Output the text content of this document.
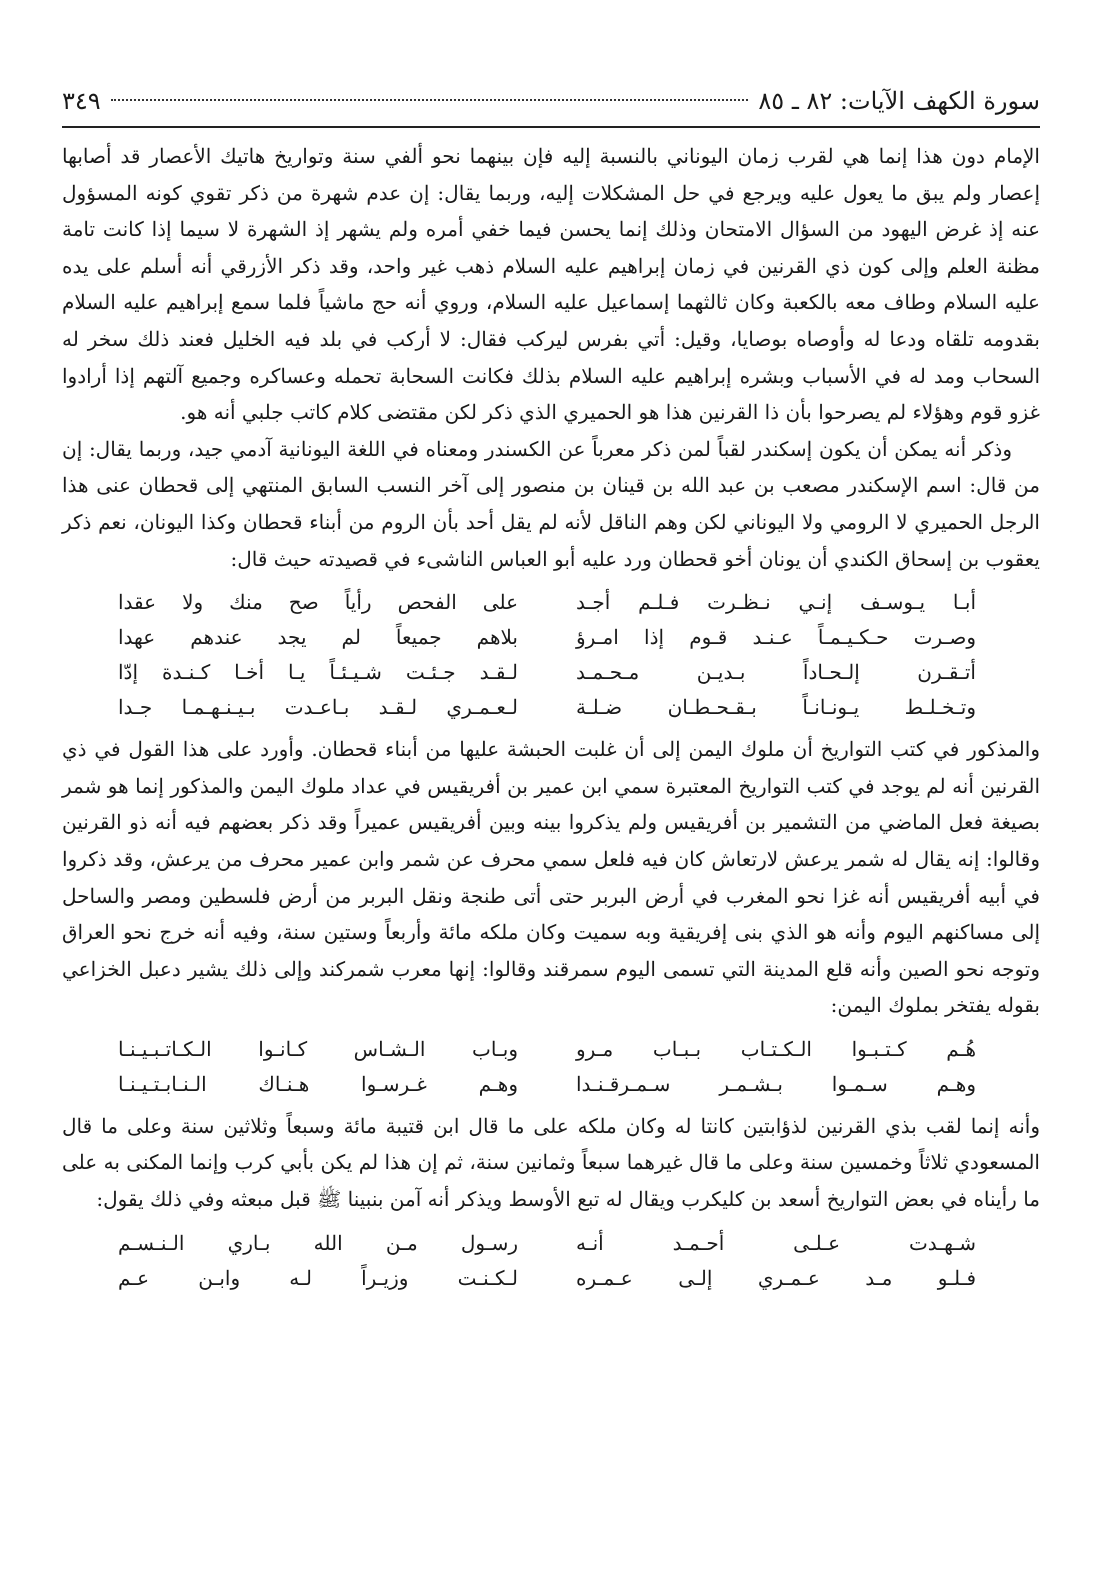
سورة الكهف الآيات: ٨٢ ـ ٨٥
٣٤٩

الإمام دون هذا إنما هي لقرب زمان اليوناني بالنسبة إليه فإن بينهما نحو ألفي سنة وتواريخ هاتيك الأعصار قد أصابها إعصار ولم يبق ما يعول عليه ويرجع في حل المشكلات إليه، وربما يقال: إن عدم شهرة من ذكر تقوي كونه المسؤول عنه إذ غرض اليهود من السؤال الامتحان وذلك إنما يحسن فيما خفي أمره ولم يشهر إذ الشهرة لا سيما إذا كانت تامة مظنة العلم وإلى كون ذي القرنين في زمان إبراهيم عليه السلام ذهب غير واحد، وقد ذكر الأزرقي أنه أسلم على يده عليه السلام وطاف معه بالكعبة وكان ثالثهما إسماعيل عليه السلام، وروي أنه حج ماشياً فلما سمع إبراهيم عليه السلام بقدومه تلقاه ودعا له وأوصاه بوصايا، وقيل: أتي بفرس ليركب فقال: لا أركب في بلد فيه الخليل فعند ذلك سخر له السحاب ومد له في الأسباب وبشره إبراهيم عليه السلام بذلك فكانت السحابة تحمله وعساكره وجميع آلتهم إذا أرادوا غزو قوم وهؤلاء لم يصرحوا بأن ذا القرنين هذا هو الحميري الذي ذكر لكن مقتضى كلام كاتب جلبي أنه هو.

وذكر أنه يمكن أن يكون إسكندر لقباً لمن ذكر معرباً عن الكسندر ومعناه في اللغة اليونانية آدمي جيد، وربما يقال: إن من قال: اسم الإسكندر مصعب بن عبد الله بن قينان بن منصور إلى آخر النسب السابق المنتهي إلى قحطان عنى هذا الرجل الحميري لا الرومي ولا اليوناني لكن وهم الناقل لأنه لم يقل أحد بأن الروم من أبناء قحطان وكذا اليونان، نعم ذكر يعقوب بن إسحاق الكندي أن يونان أخو قحطان ورد عليه أبو العباس الناشىء في قصيدته حيث قال:

أبـا يـوسـف إنـي نـظـرت فـلـم أجـد
على الفحص رأياً صح منك ولا عقدا
وصـرت حـكـيـمـاً عـنـد قـوم إذا امـرؤ
بلاهم جميعاً لم يجد عندهم عهدا
أتـقـرن إلـحـاداً بـديـن مـحـمـد
لـقـد جـئـت شـيـئـاً يـا أخـا كـنـدة إدّا
وتـخـلـط يـونـانـاً بـقـحـطـان ضـلـة
لـعـمـري لـقـد بـاعـدت بـيـنـهـمـا جـدا

والمذكور في كتب التواريخ أن ملوك اليمن إلى أن غلبت الحبشة عليها من أبناء قحطان. وأورد على هذا القول في ذي القرنين أنه لم يوجد في كتب التواريخ المعتبرة سمي ابن عمير بن أفريقيس في عداد ملوك اليمن والمذكور إنما هو شمر بصيغة فعل الماضي من التشمير بن أفريقيس ولم يذكروا بينه وبين أفريقيس عميراً وقد ذكر بعضهم فيه أنه ذو القرنين وقالوا: إنه يقال له شمر يرعش لارتعاش كان فيه فلعل سمي محرف عن شمر وابن عمير محرف من يرعش، وقد ذكروا في أبيه أفريقيس أنه غزا نحو المغرب في أرض البربر حتى أتى طنجة ونقل البربر من أرض فلسطين ومصر والساحل إلى مساكنهم اليوم وأنه هو الذي بنى إفريقية وبه سميت وكان ملكه مائة وأربعاً وستين سنة، وفيه أنه خرج نحو العراق وتوجه نحو الصين وأنه قلع المدينة التي تسمى اليوم سمرقند وقالوا: إنها معرب شمركند وإلى ذلك يشير دعبل الخزاعي بقوله يفتخر بملوك اليمن:

هُـم كـتـبـوا الـكـتـاب بـبـاب مـرو
وبـاب الـشـاس كـانـوا الـكـاتـبـيـنـا
وهـم سـمـوا بـشـمـر سـمـرقـنـدا
وهـم غـرسـوا هـنـاك الـنـابـتـيـنـا

وأنه إنما لقب بذي القرنين لذؤابتين كانتا له وكان ملكه على ما قال ابن قتيبة مائة وسبعاً وثلاثين سنة وعلى ما قال المسعودي ثلاثاً وخمسين سنة وعلى ما قال غيرهما سبعاً وثمانين سنة، ثم إن هذا لم يكن بأبي كرب وإنما المكنى به على ما رأيناه في بعض التواريخ أسعد بن كليكرب ويقال له تبع الأوسط ويذكر أنه آمن بنبينا ﷺ قبل مبعثه وفي ذلك يقول:

شـهـدت عـلـى أحـمـد أنـه
رسـول مـن الله بـاري الـنـسـم
فـلـو مـد عـمـري إلـى عـمـره
لـكـنـت وزيـراً لـه وابـن عـم
